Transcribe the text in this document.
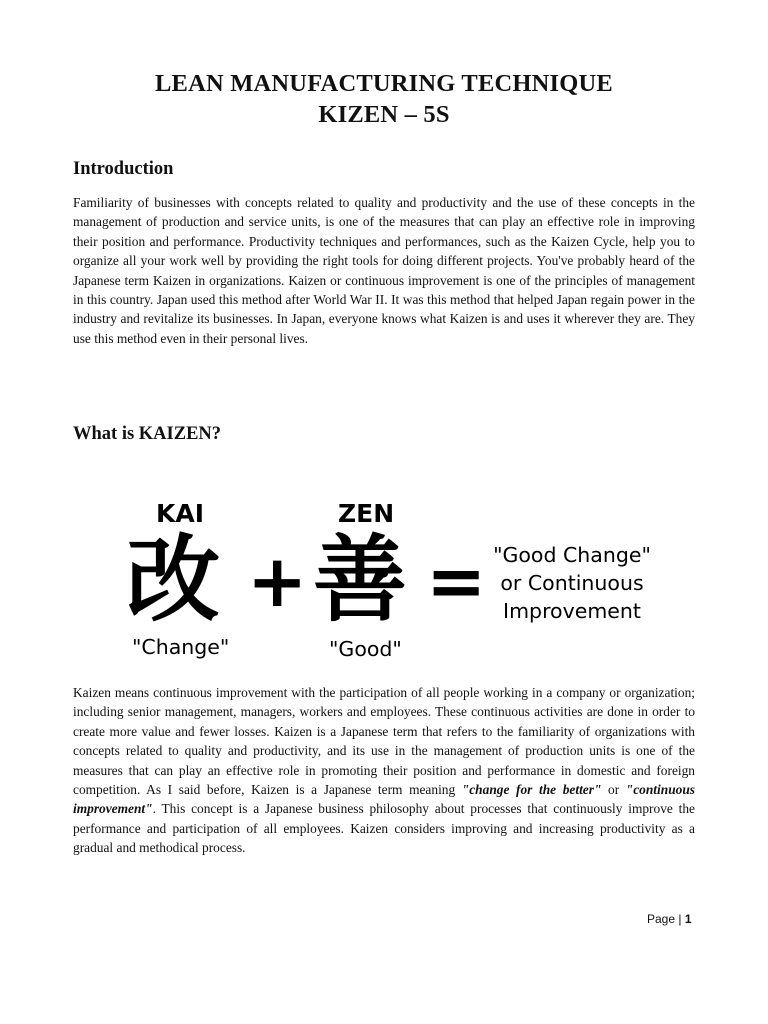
LEAN MANUFACTURING TECHNIQUE
KIZEN – 5S
Introduction

Familiarity of businesses with concepts related to quality and productivity and the use of these concepts in the management of production and service units, is one of the measures that can play an effective role in improving their position and performance. Productivity techniques and performances, such as the Kaizen Cycle, help you to organize all your work well by providing the right tools for doing different projects. You've probably heard of the Japanese term Kaizen in organizations. Kaizen or continuous improvement is one of the principles of management in this country. Japan used this method after World War II. It was this method that helped Japan regain power in the industry and revitalize its businesses. In Japan, everyone knows what Kaizen is and uses it wherever they are. They use this method even in their personal lives.

What is KAIZEN?
KAI
改
"Change"
+
ZEN
善
"Good"
= "Good Change"
or Continuous
Improvement

Kaizen means continuous improvement with the participation of all people working in a company or organization; including senior management, managers, workers and employees. These continuous activities are done in order to create more value and fewer losses. Kaizen is a Japanese term that refers to the familiarity of organizations with concepts related to quality and productivity, and its use in the management of production units is one of the measures that can play an effective role in promoting their position and performance in domestic and foreign competition. As I said before, Kaizen is a Japanese term meaning "change for the better" or "continuous improvement". This concept is a Japanese business philosophy about processes that continuously improve the performance and participation of all employees. Kaizen considers improving and increasing productivity as a gradual and methodical process.

Page | 1
